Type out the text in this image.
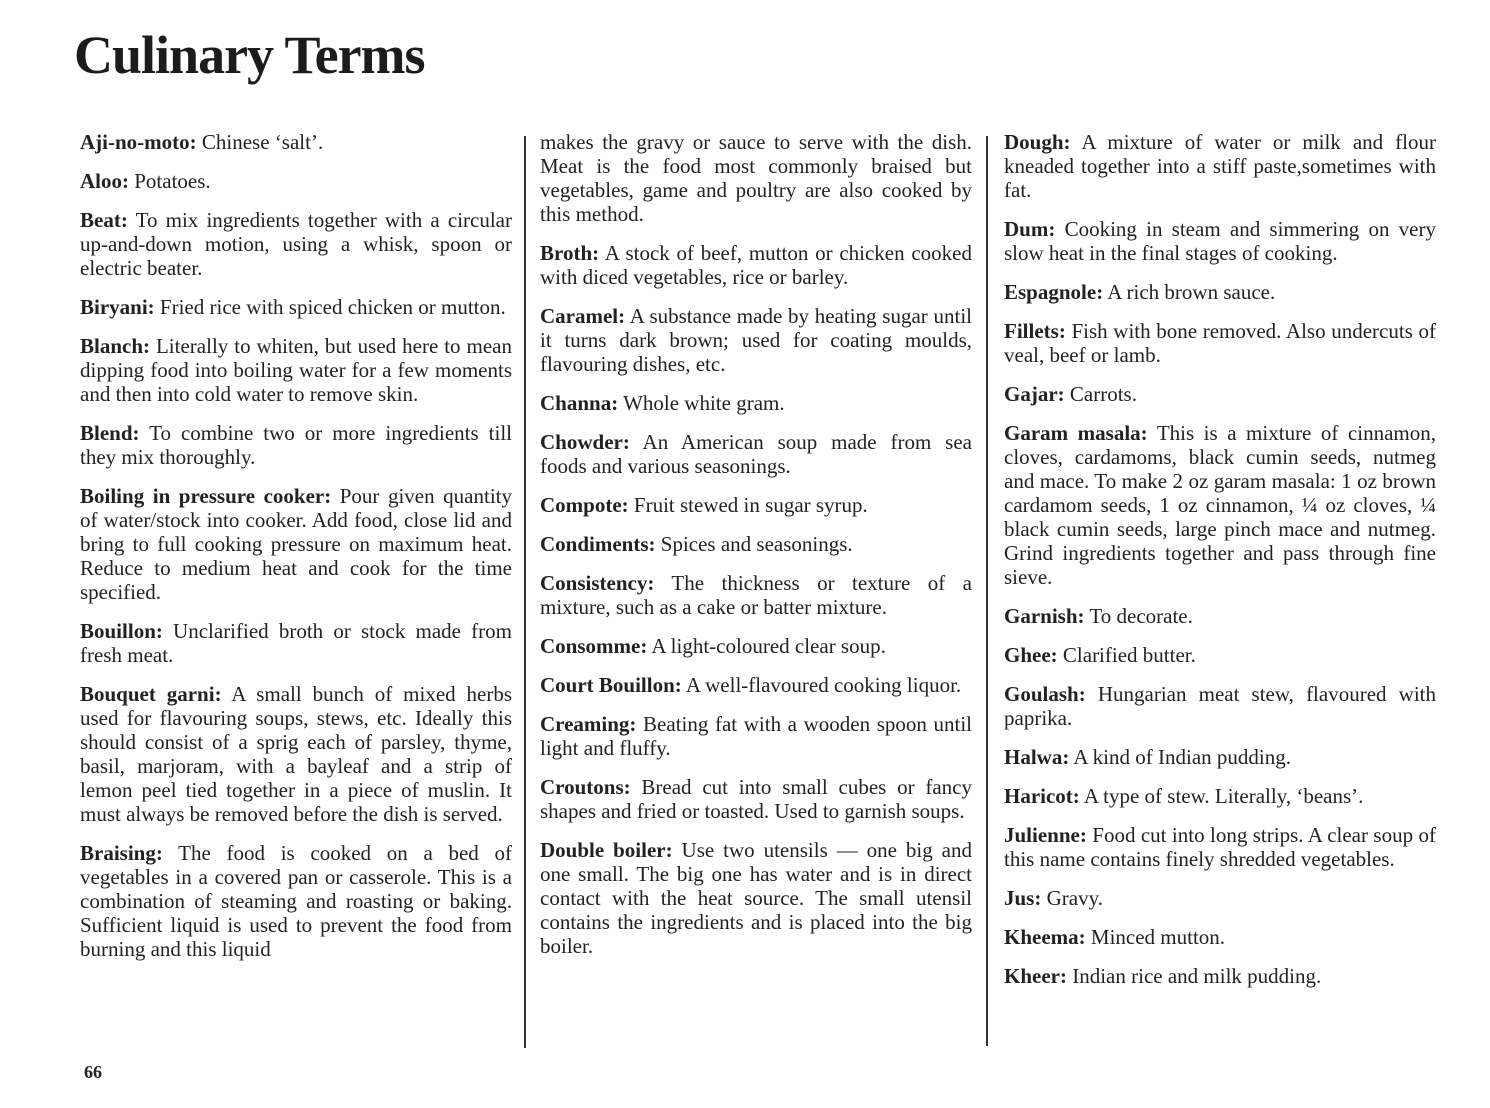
Culinary Terms

Aji-no-moto: Chinese ‘salt’.

Aloo: Potatoes.

Beat: To mix ingredients together with a circular up-and-down motion, using a whisk, spoon or electric beater.

Biryani: Fried rice with spiced chicken or mutton.

Blanch: Literally to whiten, but used here to mean dipping food into boiling water for a few moments and then into cold water to remove skin.

Blend: To combine two or more ingredients till they mix thoroughly.

Boiling in pressure cooker: Pour given quantity of water/stock into cooker. Add food, close lid and bring to full cooking pressure on maximum heat. Reduce to medium heat and cook for the time specified.

Bouillon: Unclarified broth or stock made from fresh meat.

Bouquet garni: A small bunch of mixed herbs used for flavouring soups, stews, etc. Ideally this should consist of a sprig each of parsley, thyme, basil, marjoram, with a bayleaf and a strip of lemon peel tied together in a piece of muslin. It must always be removed before the dish is served.

Braising: The food is cooked on a bed of vegetables in a covered pan or casserole. This is a combination of steaming and roasting or baking. Sufficient liquid is used to prevent the food from burning and this liquid

makes the gravy or sauce to serve with the dish. Meat is the food most commonly braised but vegetables, game and poultry are also cooked by this method.

Broth: A stock of beef, mutton or chicken cooked with diced vegetables, rice or barley.

Caramel: A substance made by heating sugar until it turns dark brown; used for coating moulds, flavouring dishes, etc.

Channa: Whole white gram.

Chowder: An American soup made from sea foods and various seasonings.

Compote: Fruit stewed in sugar syrup.

Condiments: Spices and seasonings.

Consistency: The thickness or texture of a mixture, such as a cake or batter mixture.

Consomme: A light-coloured clear soup.

Court Bouillon: A well-flavoured cooking liquor.

Creaming: Beating fat with a wooden spoon until light and fluffy.

Croutons: Bread cut into small cubes or fancy shapes and fried or toasted. Used to garnish soups.

Double boiler: Use two utensils — one big and one small. The big one has water and is in direct contact with the heat source. The small utensil contains the ingredients and is placed into the big boiler.

Dough: A mixture of water or milk and flour kneaded together into a stiff paste,sometimes with fat.

Dum: Cooking in steam and simmering on very slow heat in the final stages of cooking.

Espagnole: A rich brown sauce.

Fillets: Fish with bone removed. Also undercuts of veal, beef or lamb.

Gajar: Carrots.

Garam masala: This is a mixture of cinnamon, cloves, cardamoms, black cumin seeds, nutmeg and mace. To make 2 oz garam masala: 1 oz brown cardamom seeds, 1 oz cinnamon, ¼ oz cloves, ¼ black cumin seeds, large pinch mace and nutmeg. Grind ingredients together and pass through fine sieve.

Garnish: To decorate.

Ghee: Clarified butter.

Goulash: Hungarian meat stew, flavoured with paprika.

Halwa: A kind of Indian pudding.

Haricot: A type of stew. Literally, ‘beans’.

Julienne: Food cut into long strips. A clear soup of this name contains finely shredded vegetables.

Jus: Gravy.

Kheema: Minced mutton.

Kheer: Indian rice and milk pudding.

66
